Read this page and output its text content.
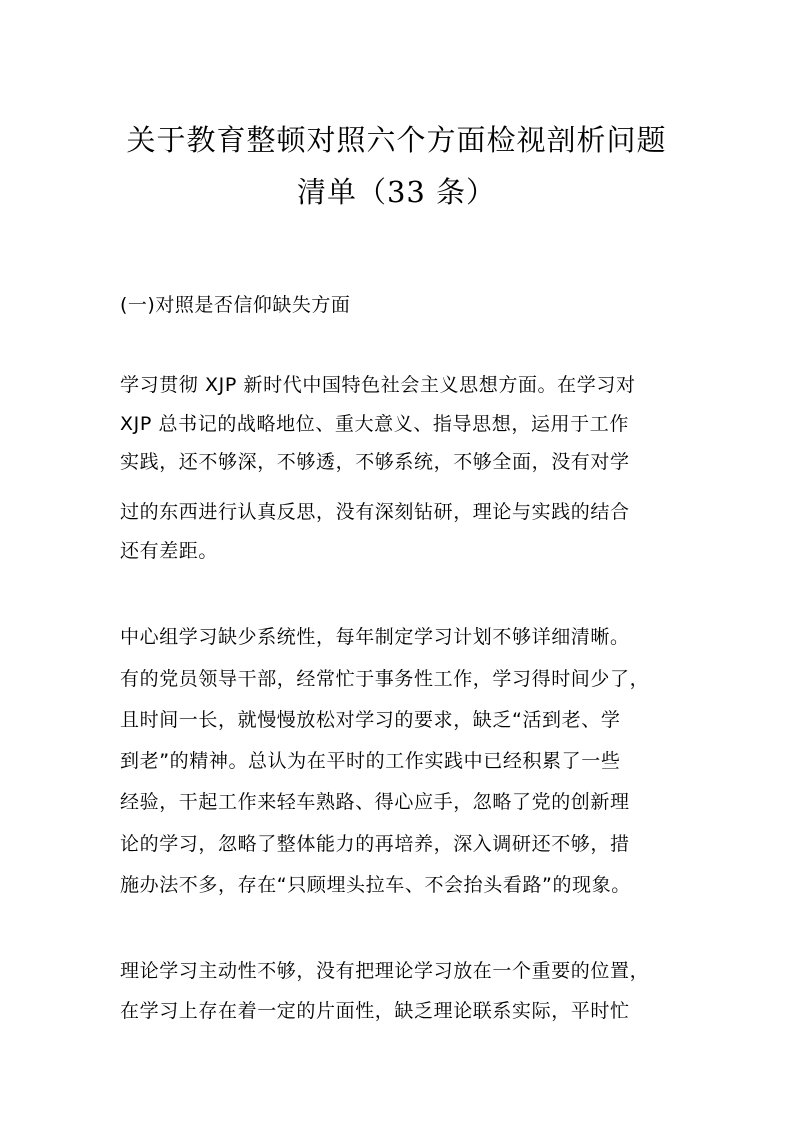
关于教育整顿对照六个方面检视剖析问题
清单（33 条）
(一)对照是否信仰缺失方面
学习贯彻 XJP 新时代中国特色社会主义思想方面。在学习对
XJP 总书记的战略地位、重大意义、指导思想，运用于工作
实践，还不够深，不够透，不够系统，不够全面，没有对学
过的东西进行认真反思，没有深刻钻研，理论与实践的结合
还有差距。
中心组学习缺少系统性，每年制定学习计划不够详细清晰。
有的党员领导干部，经常忙于事务性工作，学习得时间少了，
且时间一长，就慢慢放松对学习的要求，缺乏“活到老、学
到老”的精神。总认为在平时的工作实践中已经积累了一些
经验，干起工作来轻车熟路、得心应手，忽略了党的创新理
论的学习，忽略了整体能力的再培养，深入调研还不够，措
施办法不多，存在“只顾埋头拉车、不会抬头看路”的现象。
理论学习主动性不够，没有把理论学习放在一个重要的位置，
在学习上存在着一定的片面性，缺乏理论联系实际，平时忙
